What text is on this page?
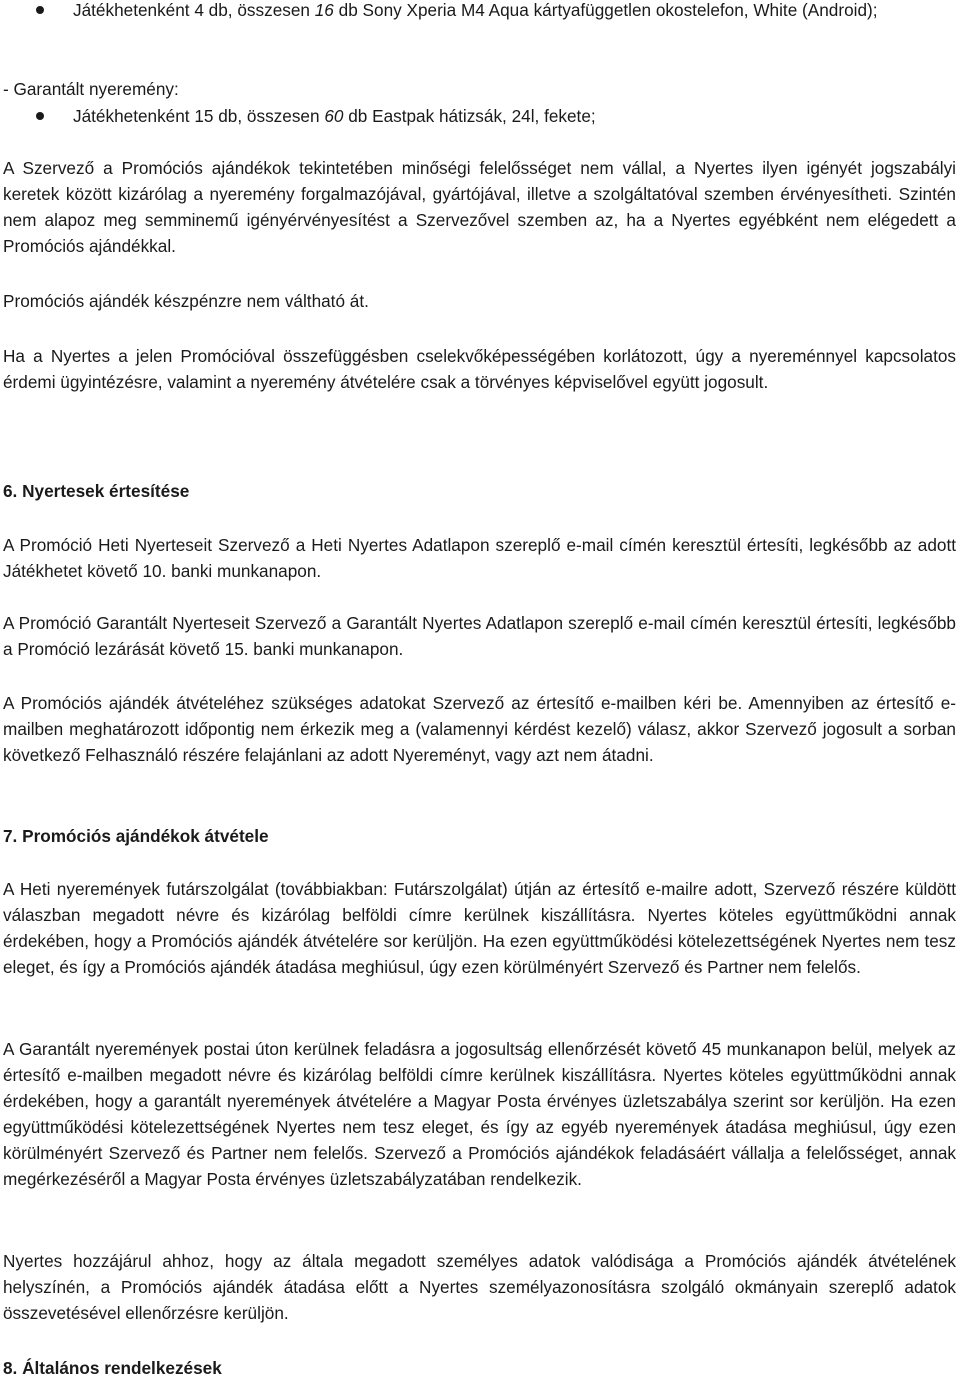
Játékhetenként 4 db, összesen 16 db Sony Xperia M4 Aqua kártyafüggetlen okostelefon, White (Android);

- Garantált nyeremény:

Játékhetenként 15 db, összesen 60 db Eastpak hátizsák, 24l, fekete;

A Szervező a Promóciós ajándékok tekintetében minőségi felelősséget nem vállal, a Nyertes ilyen igényét jogszabályi keretek között kizárólag a nyeremény forgalmazójával, gyártójával, illetve a szolgáltatóval szemben érvényesítheti. Szintén nem alapoz meg semminemű igényérvényesítést a Szervezővel szemben az, ha a Nyertes egyébként nem elégedett a Promóciós ajándékkal.

Promóciós ajándék készpénzre nem váltható át.

Ha a Nyertes a jelen Promócióval összefüggésben cselekvőképességében korlátozott, úgy a nyereménnyel kapcsolatos érdemi ügyintézésre, valamint a nyeremény átvételére csak a törvényes képviselővel együtt jogosult.

6. Nyertesek értesítése

A Promóció Heti Nyerteseit Szervező a Heti Nyertes Adatlapon szereplő e-mail címén keresztül értesíti, legkésőbb az adott Játékhetet követő 10. banki munkanapon.

A Promóció Garantált Nyerteseit Szervező a Garantált Nyertes Adatlapon szereplő e-mail címén keresztül értesíti, legkésőbb a Promóció lezárását követő 15. banki munkanapon.

A Promóciós ajándék átvételéhez szükséges adatokat Szervező az értesítő e-mailben kéri be. Amennyiben az értesítő e-mailben meghatározott időpontig nem érkezik meg a (valamennyi kérdést kezelő) válasz, akkor Szervező jogosult a sorban következő Felhasználó részére felajánlani az adott Nyereményt, vagy azt nem átadni.

7. Promóciós ajándékok átvétele

A Heti nyeremények futárszolgálat (továbbiakban: Futárszolgálat) útján az értesítő e-mailre adott, Szervező részére küldött válaszban megadott névre és kizárólag belföldi címre kerülnek kiszállításra. Nyertes köteles együttműködni annak érdekében, hogy a Promóciós ajándék átvételére sor kerüljön. Ha ezen együttműködési kötelezettségének Nyertes nem tesz eleget, és így a Promóciós ajándék átadása meghiúsul, úgy ezen körülményért Szervező és Partner nem felelős.

A Garantált nyeremények postai úton kerülnek feladásra a jogosultság ellenőrzését követő 45 munkanapon belül, melyek az értesítő e-mailben megadott névre és kizárólag belföldi címre kerülnek kiszállításra. Nyertes köteles együttműködni annak érdekében, hogy a garantált nyeremények átvételére a Magyar Posta érvényes üzletszabálya szerint sor kerüljön. Ha ezen együttműködési kötelezettségének Nyertes nem tesz eleget, és így az egyéb nyeremények átadása meghiúsul, úgy ezen körülményért Szervező és Partner nem felelős. Szervező a Promóciós ajándékok feladásáért vállalja a felelősséget, annak megérkezéséről a Magyar Posta érvényes üzletszabályzatában rendelkezik.

Nyertes hozzájárul ahhoz, hogy az általa megadott személyes adatok valódisága a Promóciós ajándék átvételének helyszínén, a Promóciós ajándék átadása előtt a Nyertes személyazonosításra szolgáló okmányain szereplő adatok összevetésével ellenőrzésre kerüljön.

8. Általános rendelkezések
